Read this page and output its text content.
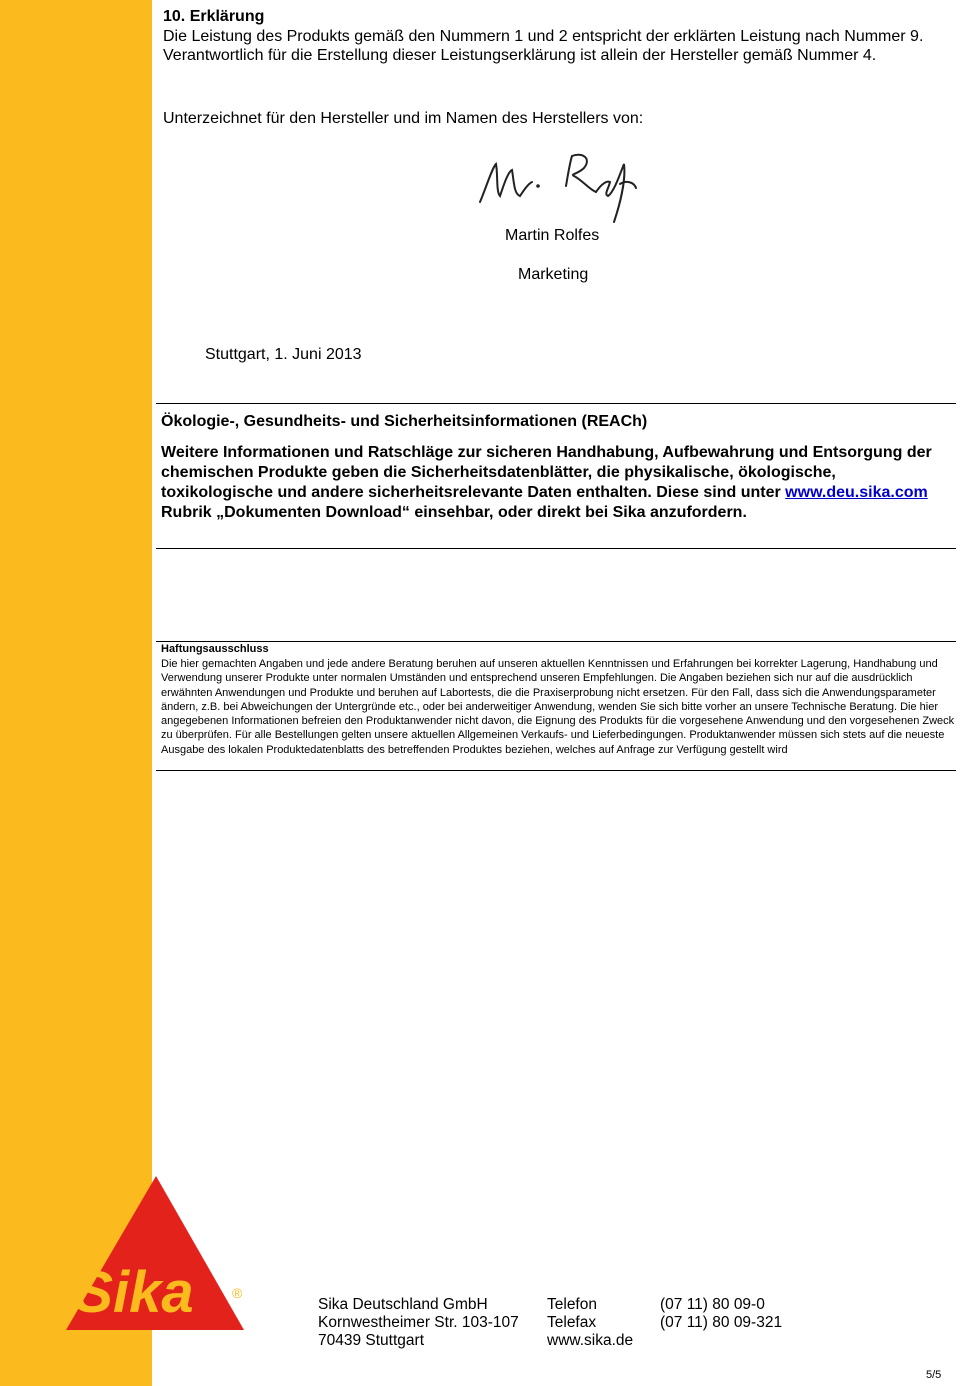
Sika	®
10. Erklärung
Die Leistung des Produkts gemäß den Nummern 1 und 2 entspricht der erklärten Leistung nach Nummer 9. Verantwortlich für die Erstellung dieser Leistungserklärung ist allein der Hersteller gemäß Nummer 4.
Unterzeichnet für den Hersteller und im Namen des Herstellers von:
Martin Rolfes
Marketing
Stuttgart, 1. Juni 2013
Ökologie-, Gesundheits- und Sicherheitsinformationen (REACh)
Weitere Informationen und Ratschläge zur sicheren Handhabung, Aufbewahrung und Entsorgung der chemischen Produkte geben die Sicherheitsdatenblätter, die physikalische, ökologische, toxikologische und andere sicherheitsrelevante Daten enthalten. Diese sind unter www.deu.sika.com Rubrik „Dokumenten Download“ einsehbar, oder direkt bei Sika anzufordern.
Haftungsausschluss
Die hier gemachten Angaben und jede andere Beratung beruhen auf unseren aktuellen Kenntnissen und Erfahrungen bei korrekter Lagerung, Handhabung und Verwendung unserer Produkte unter normalen Umständen und entsprechend unseren Empfehlungen. Die Angaben beziehen sich nur auf die ausdrücklich erwähnten Anwendungen und Produkte und beruhen auf Labortests, die die Praxiserprobung nicht ersetzen. Für den Fall, dass sich die Anwendungsparameter ändern, z.B. bei Abweichungen der Untergründe etc., oder bei anderweitiger Anwendung, wenden Sie sich bitte vorher an unsere Technische Beratung. Die hier angegebenen Informationen befreien den Produktanwender nicht davon, die Eignung des Produkts für die vorgesehene Anwendung und den vorgesehenen Zweck zu überprüfen. Für alle Bestellungen gelten unsere aktuellen Allgemeinen Verkaufs- und Lieferbedingungen. Produktanwender müssen sich stets auf die neueste Ausgabe des lokalen Produktedatenblatts des betreffenden Produktes beziehen, welches auf Anfrage zur Verfügung gestellt wird
Sika Deutschland GmbH
Kornwestheimer Str. 103-107
70439 Stuttgart
Telefon
Telefax
www.sika.de
(07 11) 80 09-0
(07 11) 80 09-321
5/5
